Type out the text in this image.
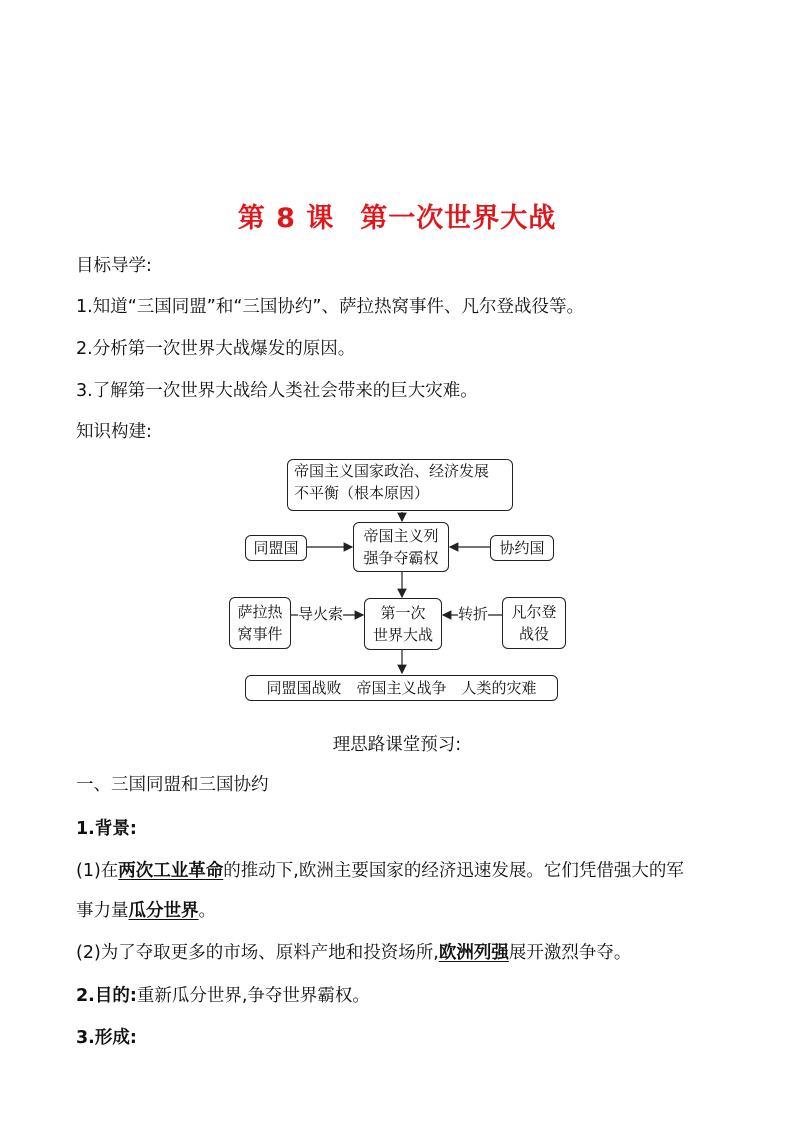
第 8 课 第一次世界大战
目标导学:
1.知道“三国同盟”和“三国协约”、萨拉热窝事件、凡尔登战役等。
2.分析第一次世界大战爆发的原因。
3.了解第一次世界大战给人类社会带来的巨大灾难。
知识构建:
帝国主义国家政治、经济发展
不平衡（根本原因）
帝国主义列
强争夺霸权
同盟国	协约国
萨拉热
窝事件
导火索 第一次
世界大战
转折 凡尔登
战役
同盟国战败　帝国主义战争　人类的灾难
理思路课堂预习:
一、三国同盟和三国协约
1.背景:
(1)在两次工业革命的推动下,欧洲主要国家的经济迅速发展。它们凭借强大的军
事力量瓜分世界。
(2)为了夺取更多的市场、原料产地和投资场所,欧洲列强展开激烈争夺。
2.目的:重新瓜分世界,争夺世界霸权。
3.形成:
